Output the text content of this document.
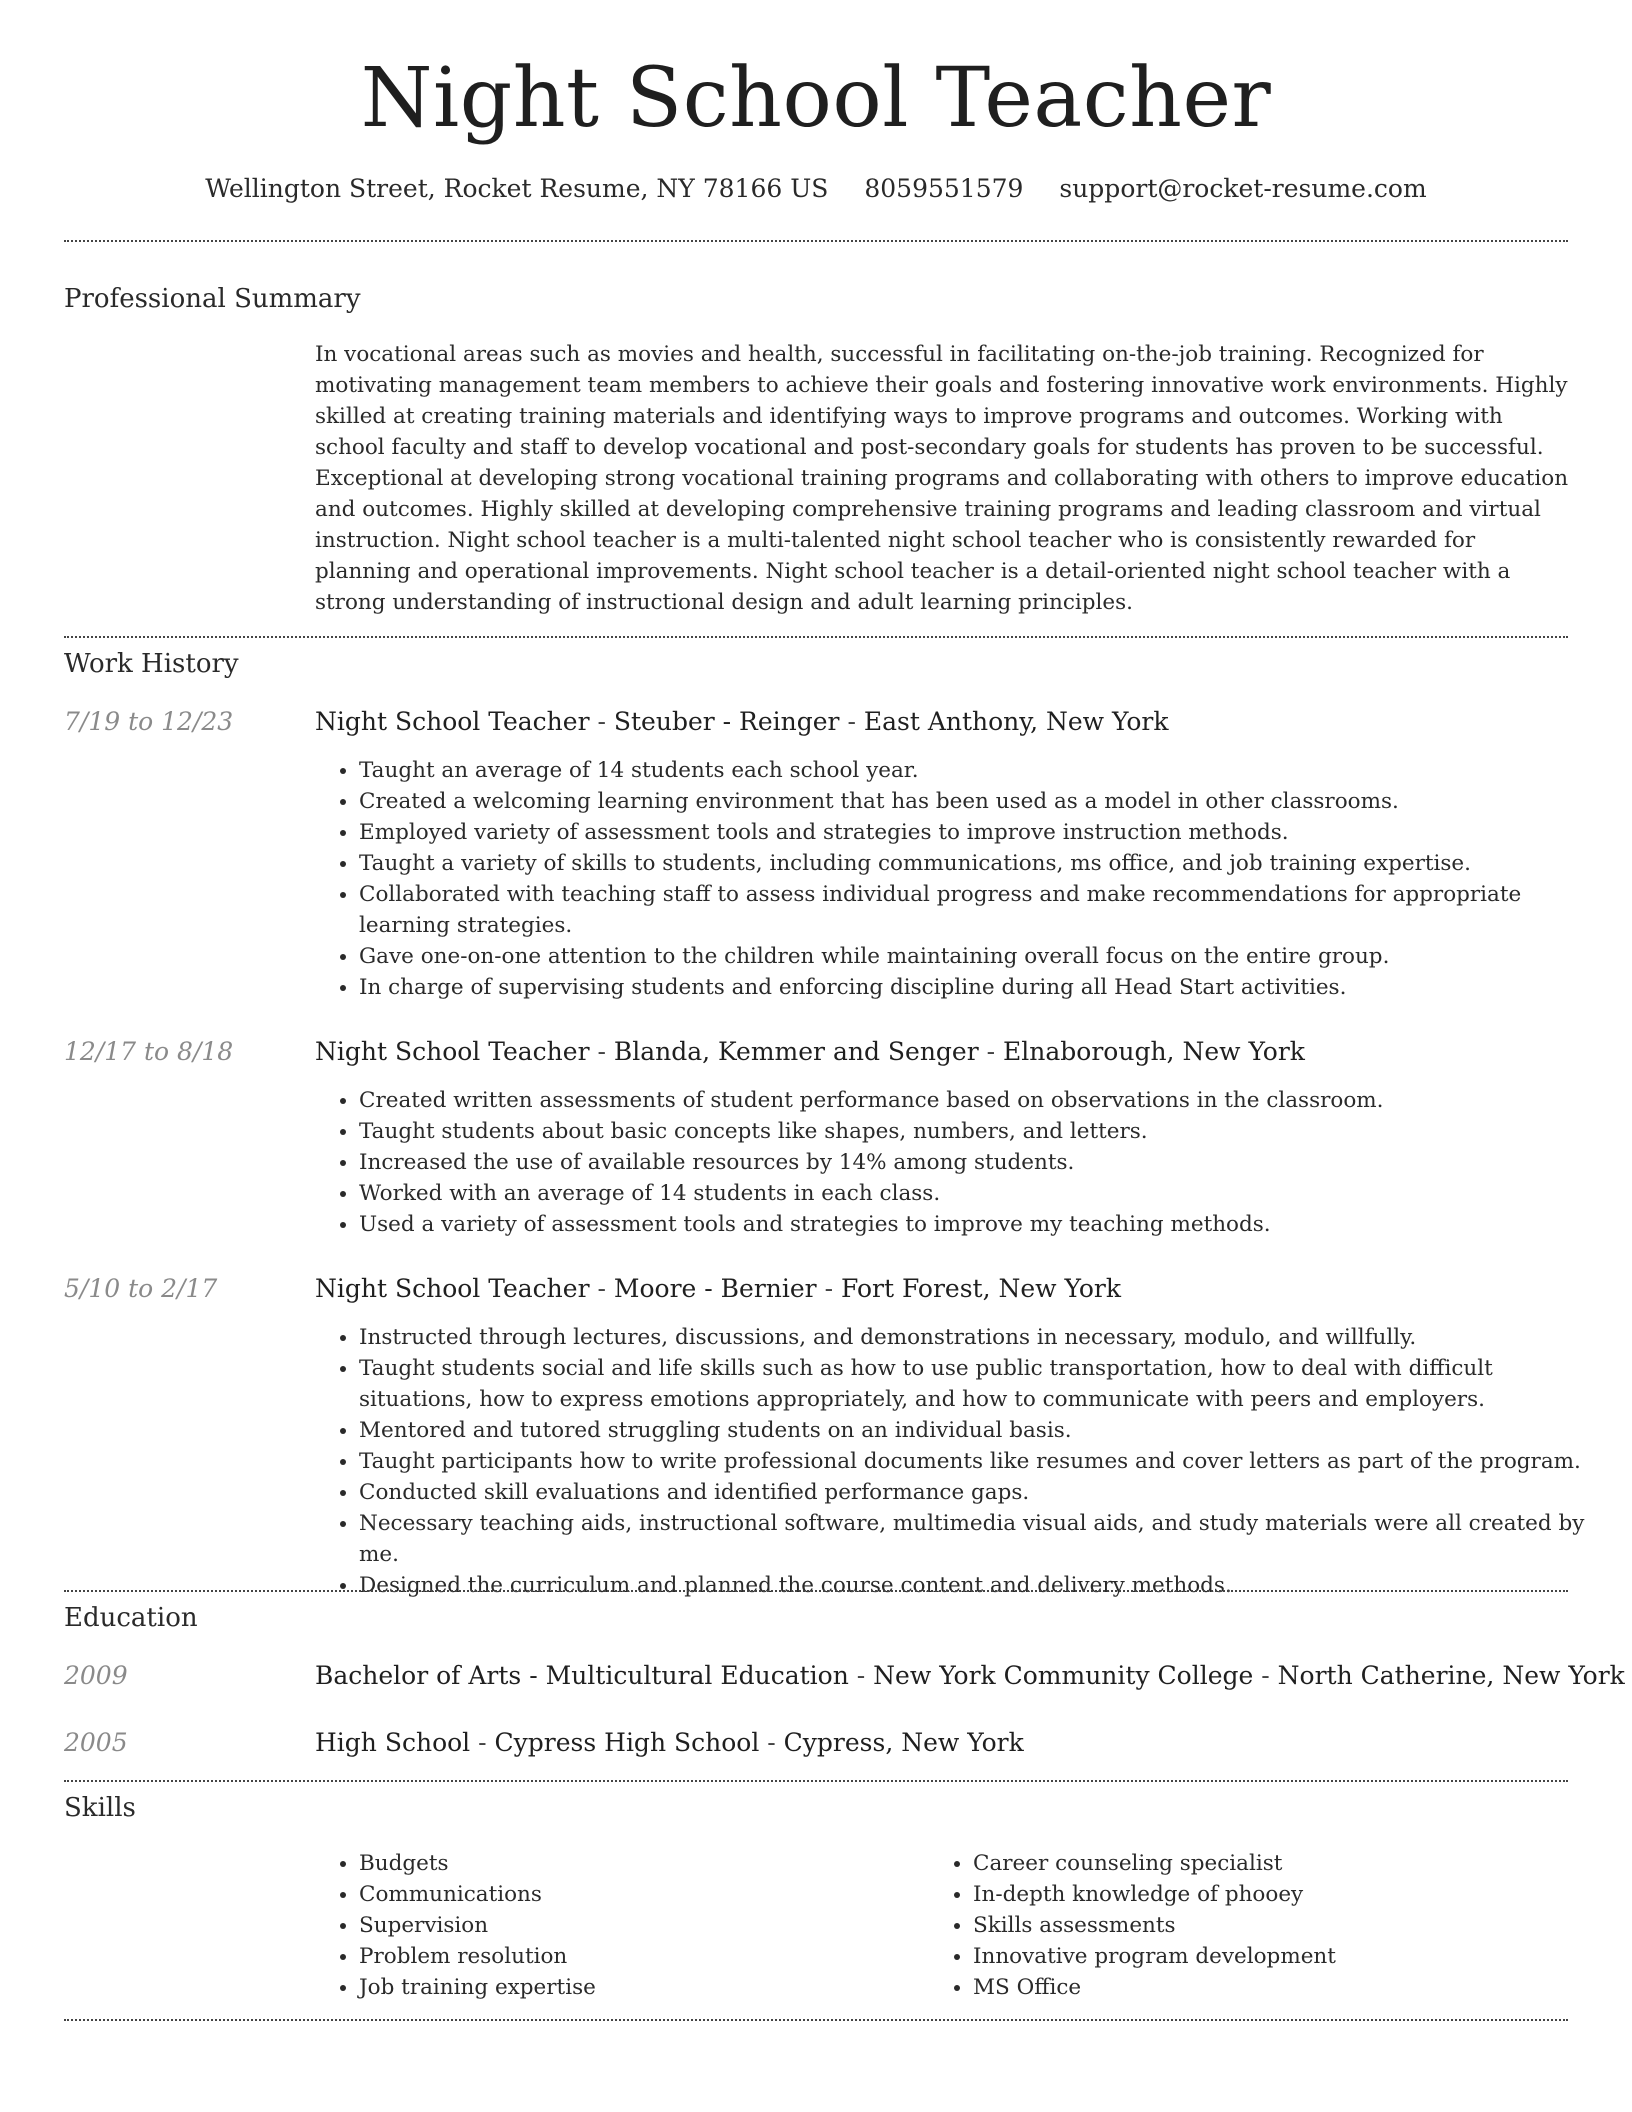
Night School Teacher
Wellington Street, Rocket Resume, NY 78166 US 8059551579 support@rocket-resume.com
Professional Summary
In vocational areas such as movies and health, successful in facilitating on-the-job training. Recognized for motivating management team members to achieve their goals and fostering innovative work environments. Highly skilled at creating training materials and identifying ways to improve programs and outcomes. Working with school faculty and staff to develop vocational and post-secondary goals for students has proven to be successful. Exceptional at developing strong vocational training programs and collaborating with others to improve education and outcomes. Highly skilled at developing comprehensive training programs and leading classroom and virtual instruction. Night school teacher is a multi-talented night school teacher who is consistently rewarded for planning and operational improvements. Night school teacher is a detail-oriented night school teacher with a strong understanding of instructional design and adult learning principles.
Work History
7/19 to 12/23	Night School Teacher - Steuber - Reinger - East Anthony, New York
• Taught an average of 14 students each school year.
• Created a welcoming learning environment that has been used as a model in other classrooms.
• Employed variety of assessment tools and strategies to improve instruction methods.
• Taught a variety of skills to students, including communications, ms office, and job training expertise.
• Collaborated with teaching staff to assess individual progress and make recommendations for appropriate learning strategies.
• Gave one-on-one attention to the children while maintaining overall focus on the entire group.
• In charge of supervising students and enforcing discipline during all Head Start activities.
12/17 to 8/18	Night School Teacher - Blanda, Kemmer and Senger - Elnaborough, New York
• Created written assessments of student performance based on observations in the classroom.
• Taught students about basic concepts like shapes, numbers, and letters.
• Increased the use of available resources by 14% among students.
• Worked with an average of 14 students in each class.
• Used a variety of assessment tools and strategies to improve my teaching methods.
5/10 to 2/17	Night School Teacher - Moore - Bernier - Fort Forest, New York
• Instructed through lectures, discussions, and demonstrations in necessary, modulo, and willfully.
• Taught students social and life skills such as how to use public transportation, how to deal with difficult situations, how to express emotions appropriately, and how to communicate with peers and employers.
• Mentored and tutored struggling students on an individual basis.
• Taught participants how to write professional documents like resumes and cover letters as part of the program.
• Conducted skill evaluations and identified performance gaps.
• Necessary teaching aids, instructional software, multimedia visual aids, and study materials were all created by me.
• Designed the curriculum and planned the course content and delivery methods.
Education
2009	Bachelor of Arts - Multicultural Education - New York Community College - North Catherine, New York
2005	High School - Cypress High School - Cypress, New York
Skills
• Budgets
• Communications
• Supervision
• Problem resolution
• Job training expertise
• Career counseling specialist
• In-depth knowledge of phooey
• Skills assessments
• Innovative program development
• MS Office
